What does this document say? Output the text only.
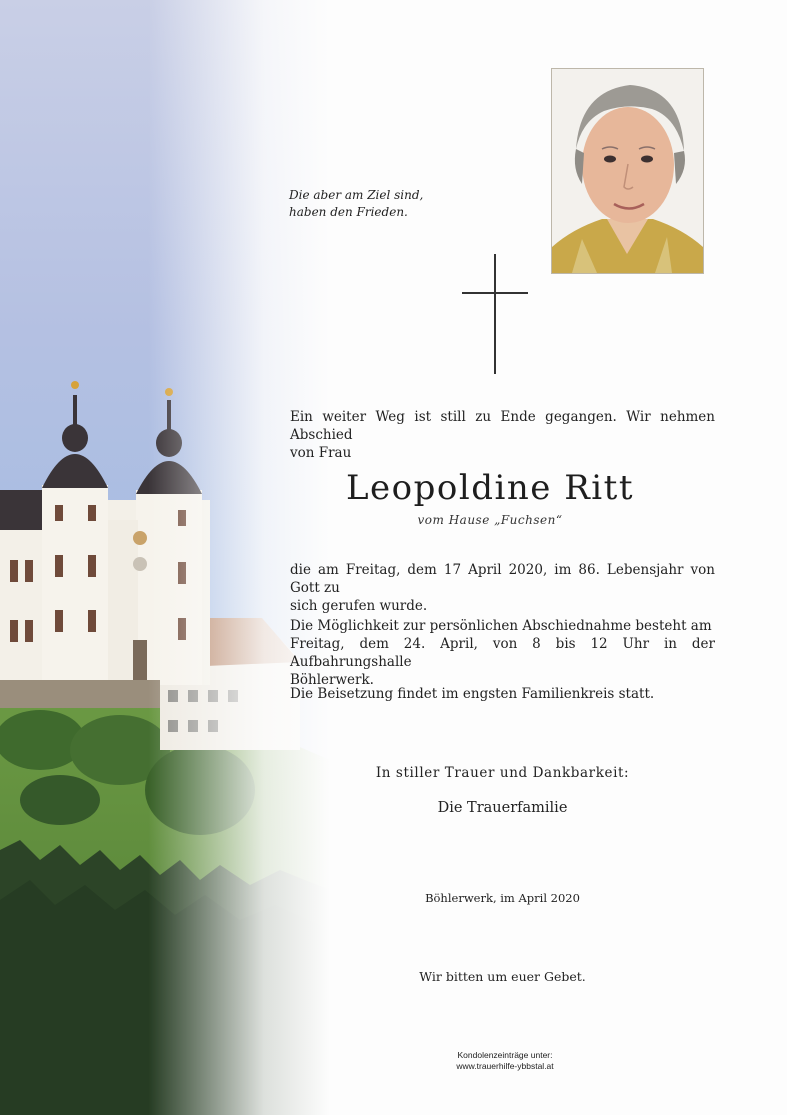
Die aber am Ziel sind,
haben den Frieden.
Ein weiter Weg ist still zu Ende gegangen. Wir nehmen Abschied
von Frau
Leopoldine Ritt
vom Hause „Fuchsen“
die am Freitag, dem 17 April 2020, im 86. Lebensjahr von Gott zu
sich gerufen wurde.
Die Möglichkeit zur persönlichen Abschiednahme besteht am
Freitag, dem 24. April, von 8 bis 12 Uhr in der Aufbahrungshalle
Böhlerwerk.
Die Beisetzung findet im engsten Familienkreis statt.
In stiller Trauer und Dankbarkeit:
Die Trauerfamilie
Böhlerwerk, im April 2020
Wir bitten um euer Gebet.
Kondolenzeinträge unter:
www.trauerhilfe-ybbstal.at
